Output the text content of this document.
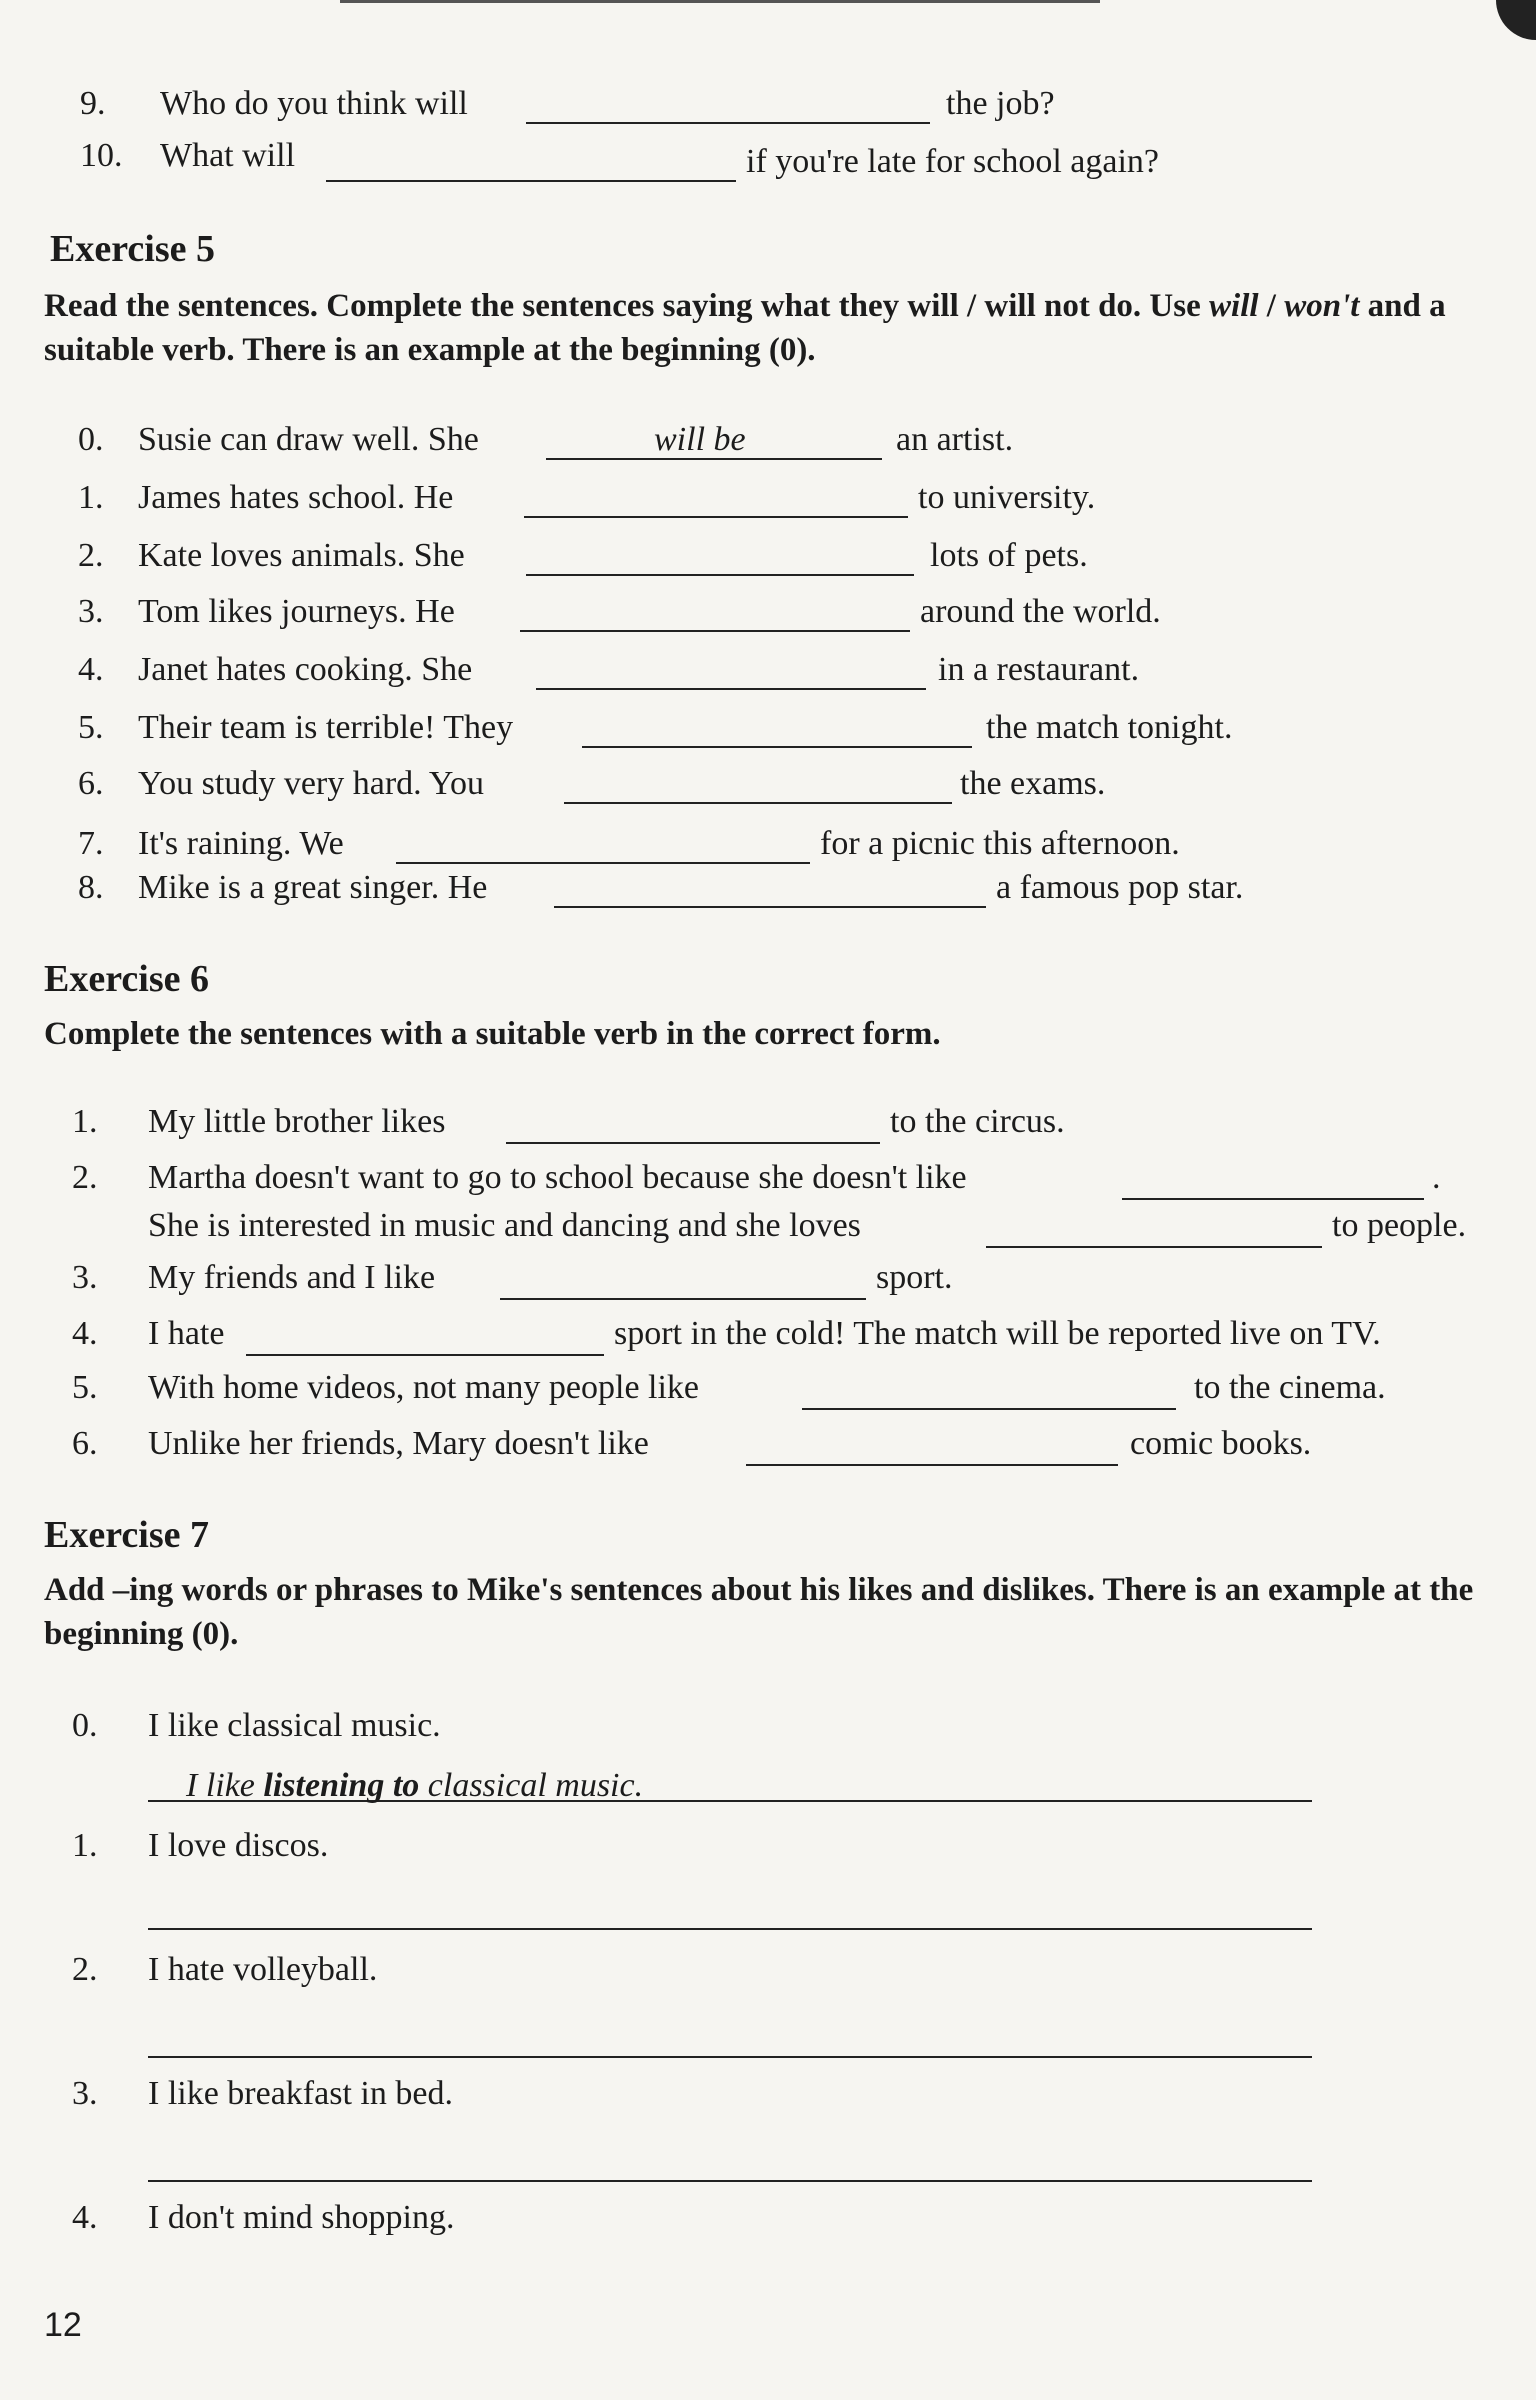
9. Who do you think will	the job?
10. What will	if you're late for school again?
Exercise 5
Read the sentences. Complete the sentences saying what they will / will not do. Use will / won't and a suitable verb. There is an example at the beginning (0).
0. Susie can draw well. She	will be	an artist.
1. James hates school. He	to university.
2. Kate loves animals. She	lots of pets.
3. Tom likes journeys. He	around the world.
4. Janet hates cooking. She	in a restaurant.
5. Their team is terrible! They	the match tonight.
6. You study very hard. You	the exams.
7. It's raining. We	for a picnic this afternoon.
8. Mike is a great singer. He	a famous pop star.
Exercise 6
Complete the sentences with a suitable verb in the correct form.
1. My little brother likes	to the circus.
2. Martha doesn't want to go to school because she doesn't like	.
She is interested in music and dancing and she loves	to people.
3. My friends and I like	sport.
4. I hate	sport in the cold! The match will be reported live on TV.
5. With home videos, not many people like	to the cinema.
6. Unlike her friends, Mary doesn't like	comic books.
Exercise 7
Add –ing words or phrases to Mike's sentences about his likes and dislikes. There is an example at the beginning (0).
0. I like classical music.
1. I love discos.
2. I hate volleyball.
3. I like breakfast in bed.
4. I don't mind shopping.
I like listening to classical music.
12
